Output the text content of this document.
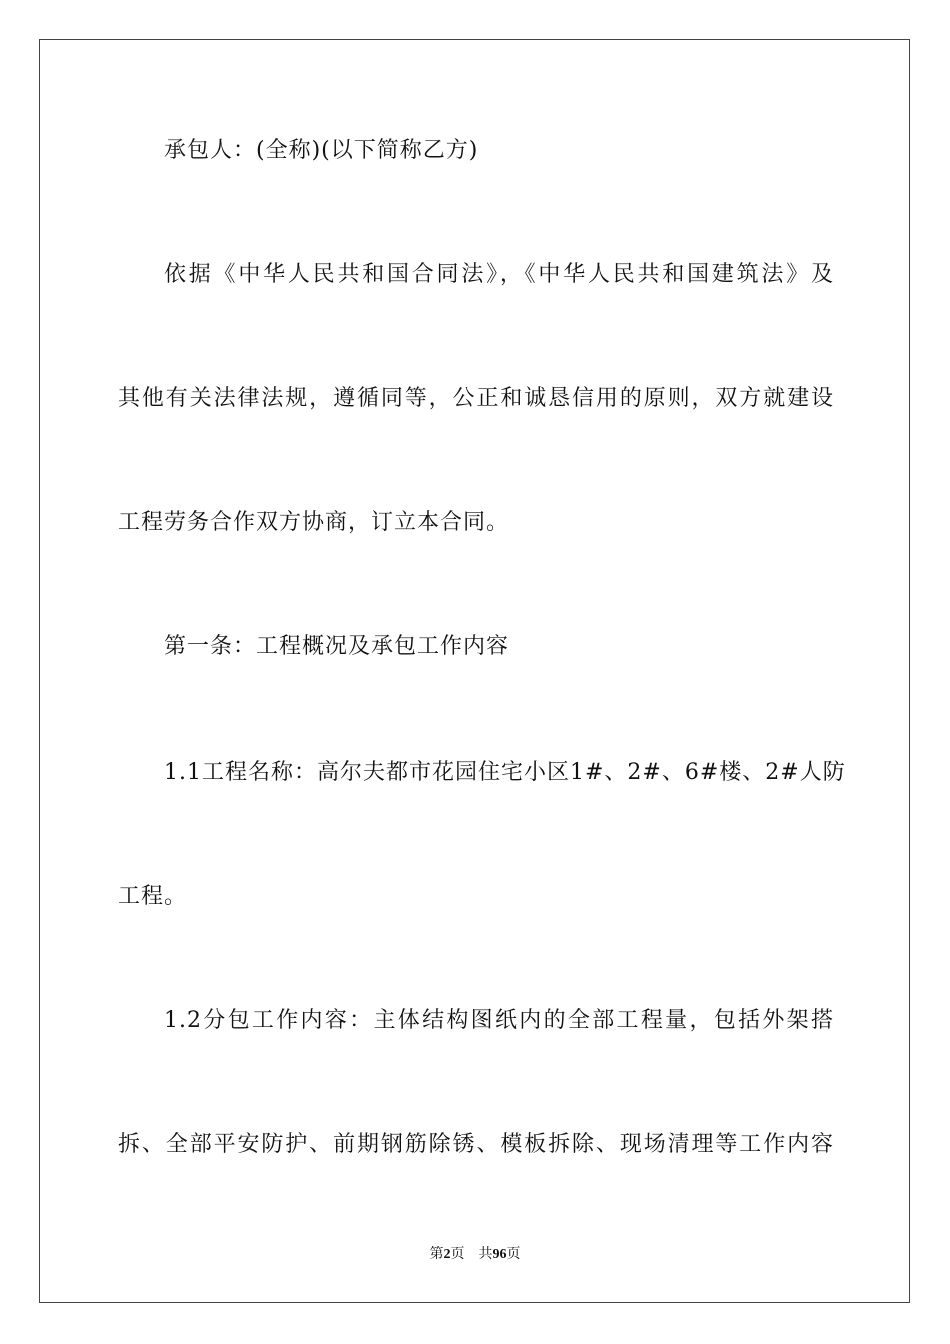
承包人：(全称)(以下简称乙方)
依据《中华人民共和国合同法》，《中华人民共和国建筑法》及
其他有关法律法规，遵循同等，公正和诚恳信用的原则，双方就建设
工程劳务合作双方协商，订立本合同。
第一条：工程概况及承包工作内容
1.1工程名称：高尔夫都市花园住宅小区1#、2#、6#楼、2#人防
工程。
1.2分包工作内容：主体结构图纸内的全部工程量，包括外架搭
拆、全部平安防护、前期钢筋除锈、模板拆除、现场清理等工作内容
第2页 共96页
